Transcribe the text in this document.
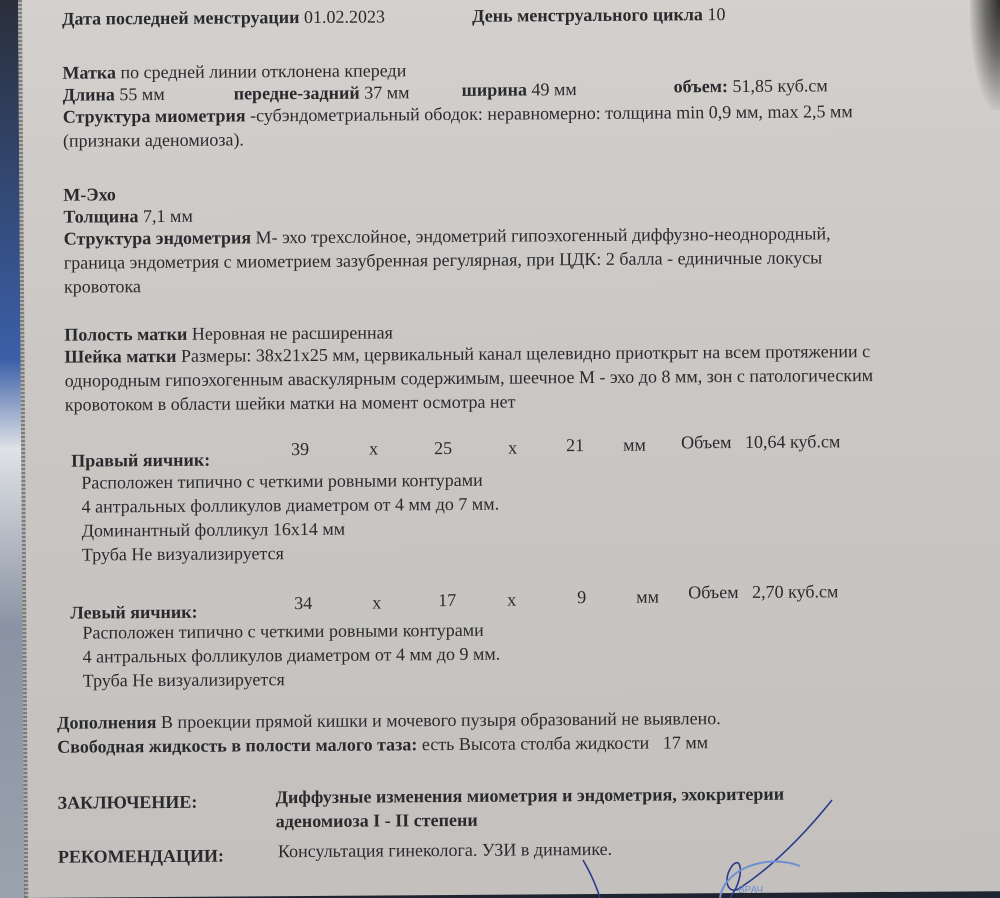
Дата последней менструации 01.02.2023	День менструального цикла 10
Матка по средней линии отклонена кпереди
Длина 55 мм	передне-задний 37 мм	ширина 49 мм	объем: 51,85 куб.см
Структура миометрия -субэндометриальный ободок: неравномерно: толщина min 0,9 мм, max 2,5 мм
(признаки аденомиоза).
М-Эхо
Толщина 7,1 мм
Структура эндометрия М- эхо трехслойное, эндометрий гипоэхогенный диффузно-неоднородный,
граница эндометрия с миометрием зазубренная регулярная, при ЦДК: 2 балла - единичные локусы
кровотока
Полость матки Неровная не расширенная
Шейка матки Размеры: 38x21x25 мм, цервикальный канал щелевидно приоткрыт на всем протяжении с
однородным гипоэхогенным аваскулярным содержимым, шеечное М - эхо до 8 мм, зон с патологическим
кровотоком в области шейки матки на момент осмотра нет
Правый яичник:
39	x	25	x	21 мм Объем 10,64 куб.см
Расположен типично с четкими ровными контурами
4 антральных фолликулов диаметром от 4 мм до 7 мм.
Доминантный фолликул 16x14 мм
Труба Не визуализируется
Левый яичник:	34	x	17	x	9	мм Объем 2,70 куб.см
Расположен типично с четкими ровными контурами
4 антральных фолликулов диаметром от 4 мм до 9 мм.
Труба Не визуализируется
Дополнения В проекции прямой кишки и мочевого пузыря образований не выявлено.
Свободная жидкость в полости малого таза: есть Высота столба жидкости 17 мм
ЗАКЛЮЧЕНИЕ:	Диффузные изменения миометрия и эндометрия, эхокритерии
аденомиоза I - II степени
РЕКОМЕНДАЦИИ:	Консультация гинеколога. УЗИ в динамике.
ВРАЧ
